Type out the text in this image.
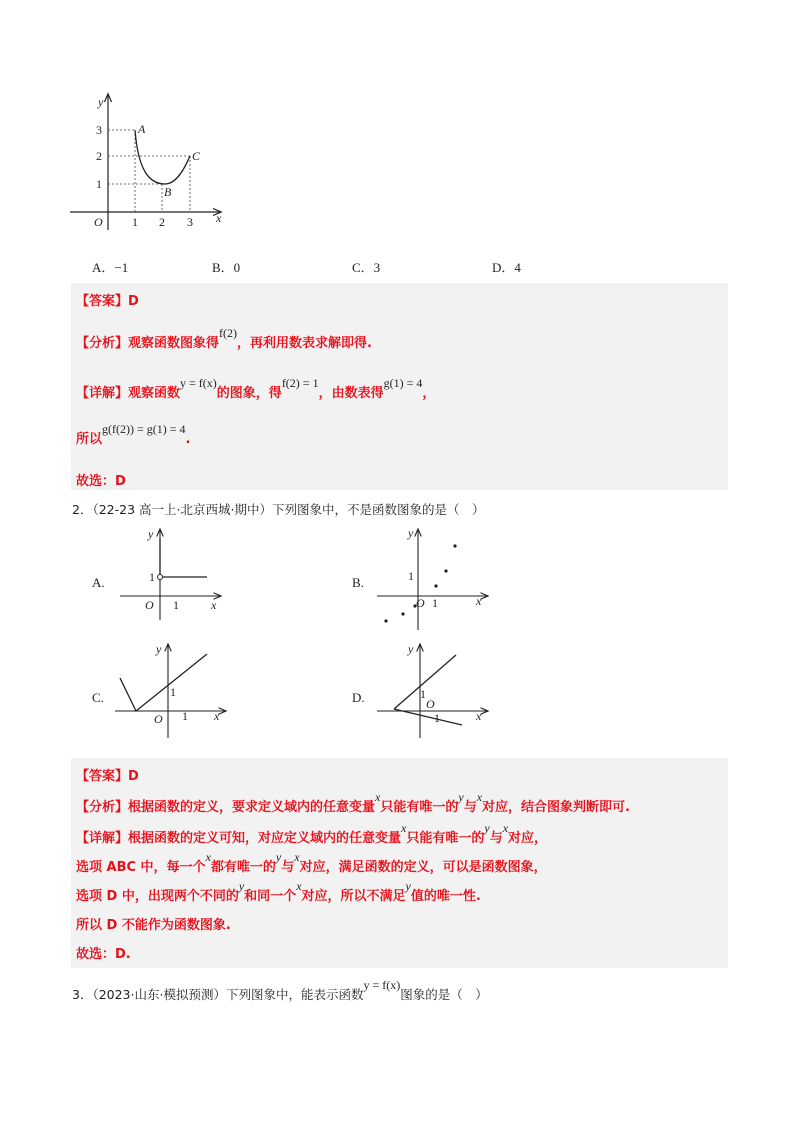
y
x
O 1 2 3
1
2
3	A
B
C
A．−1	B．0	C．3	D．4
【答案】D
【分析】观察函数图象得f(2)，再利用数表求解即得.
【详解】观察函数y = f(x)的图象，得f(2) = 1，由数表得g(1) = 4，
所以g(f(2)) = g(1) = 4.
故选：D
2．（22-23 高一上·北京西城·期中）下列图象中，不是函数图象的是（　）
A.
y
x
O
1
1
B.
y
x
O
1
1
C.
y
x
O
1
1
D.
y
x
O
1
1
【答案】D
【分析】根据函数的定义，要求定义域内的任意变量x只能有唯一的y与x对应，结合图象判断即可.
【详解】根据函数的定义可知，对应定义域内的任意变量x只能有唯一的y与x对应，
选项 ABC 中，每一个x都有唯一的y与x对应，满足函数的定义，可以是函数图象，
选项 D 中，出现两个不同的y和同一个x对应，所以不满足y值的唯一性.
所以 D 不能作为函数图象.
故选：D.
3．（2023·山东·模拟预测）下列图象中，能表示函数y = f(x)图象的是（　）
